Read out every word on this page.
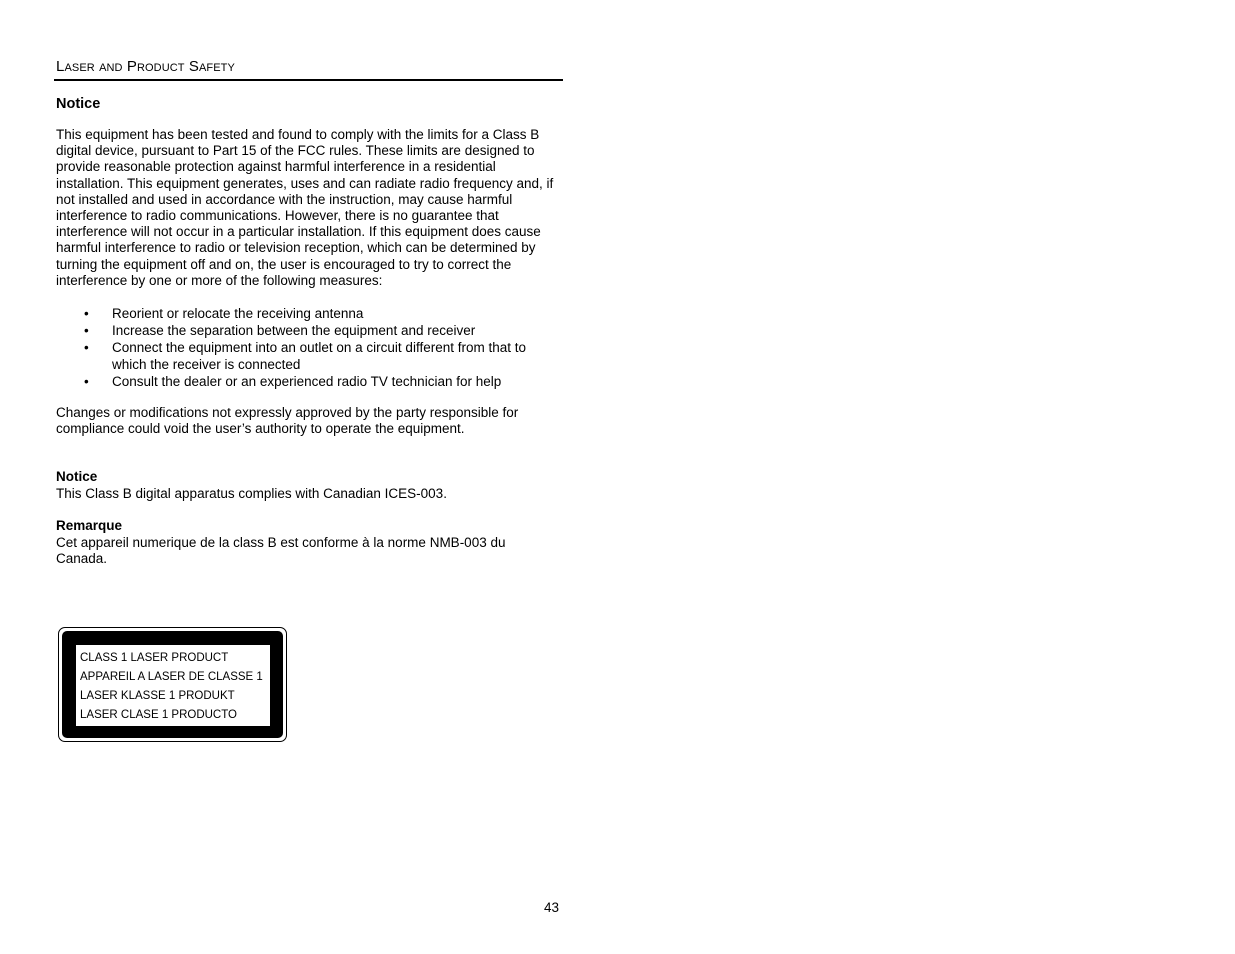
Laser and Product Safety
Notice
This equipment has been tested and found to comply with the limits for a Class B digital device, pursuant to Part 15 of the FCC rules. These limits are designed to provide reasonable protection against harmful interference in a residential installation. This equipment generates, uses and can radiate radio frequency and, if not installed and used in accordance with the instruction, may cause harmful interference to radio communications. However, there is no guarantee that interference will not occur in a particular installation. If this equipment does cause harmful interference to radio or television reception, which can be determined by turning the equipment off and on, the user is encouraged to try to correct the interference by one or more of the following measures:
• Reorient or relocate the receiving antenna
• Increase the separation between the equipment and receiver
• Connect the equipment into an outlet on a circuit different from that to which the receiver is connected
• Consult the dealer or an experienced radio TV technician for help
Changes or modifications not expressly approved by the party responsible for compliance could void the user’s authority to operate the equipment.
Notice
This Class B digital apparatus complies with Canadian ICES-003.
Remarque
Cet appareil numerique de la class B est conforme à la norme NMB-003 du Canada.
CLASS 1 LASER PRODUCT
APPAREIL A LASER DE CLASSE 1
LASER KLASSE 1 PRODUKT
LASER CLASE 1 PRODUCTO
43
